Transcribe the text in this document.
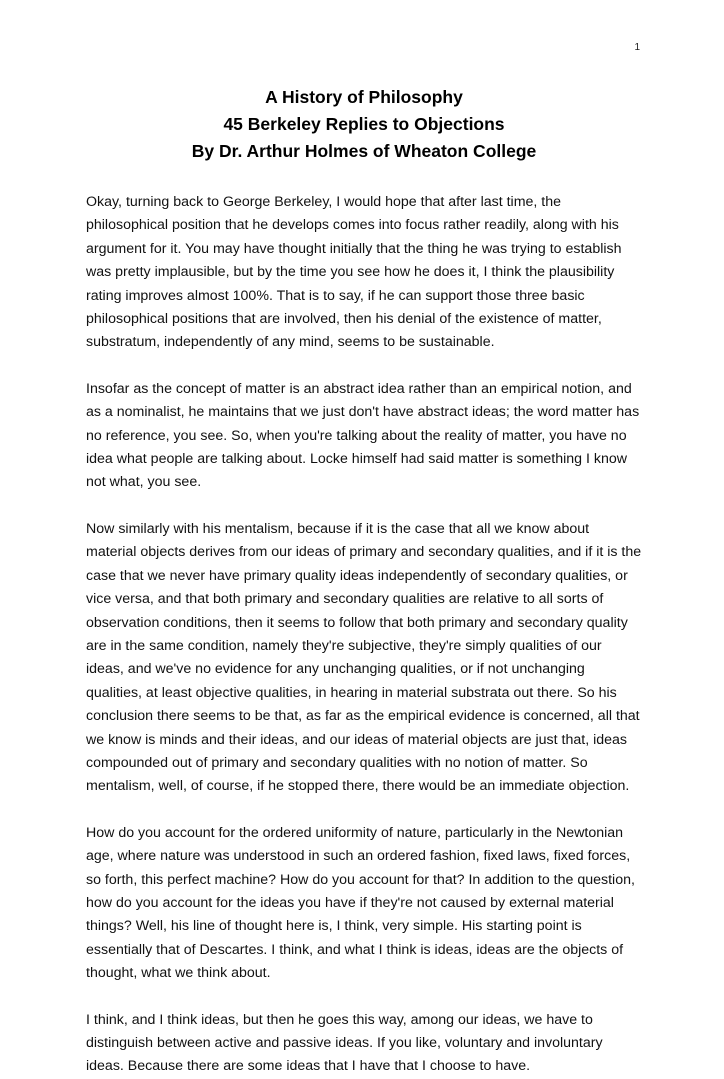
1
A History of Philosophy
45 Berkeley Replies to Objections
By Dr. Arthur Holmes of Wheaton College

Okay, turning back to George Berkeley, I would hope that after last time, the philosophical position that he develops comes into focus rather readily, along with his argument for it. You may have thought initially that the thing he was trying to establish was pretty implausible, but by the time you see how he does it, I think the plausibility rating improves almost 100%. That is to say, if he can support those three basic philosophical positions that are involved, then his denial of the existence of matter, substratum, independently of any mind, seems to be sustainable.

Insofar as the concept of matter is an abstract idea rather than an empirical notion, and as a nominalist, he maintains that we just don't have abstract ideas; the word matter has no reference, you see. So, when you're talking about the reality of matter, you have no idea what people are talking about. Locke himself had said matter is something I know not what, you see.

Now similarly with his mentalism, because if it is the case that all we know about material objects derives from our ideas of primary and secondary qualities, and if it is the case that we never have primary quality ideas independently of secondary qualities, or vice versa, and that both primary and secondary qualities are relative to all sorts of observation conditions, then it seems to follow that both primary and secondary quality are in the same condition, namely they're subjective, they're simply qualities of our ideas, and we've no evidence for any unchanging qualities, or if not unchanging qualities, at least objective qualities, in hearing in material substrata out there. So his conclusion there seems to be that, as far as the empirical evidence is concerned, all that we know is minds and their ideas, and our ideas of material objects are just that, ideas compounded out of primary and secondary qualities with no notion of matter. So mentalism, well, of course, if he stopped there, there would be an immediate objection.

How do you account for the ordered uniformity of nature, particularly in the Newtonian age, where nature was understood in such an ordered fashion, fixed laws, fixed forces, so forth, this perfect machine? How do you account for that? In addition to the question, how do you account for the ideas you have if they're not caused by external material things? Well, his line of thought here is, I think, very simple. His starting point is essentially that of Descartes. I think, and what I think is ideas, ideas are the objects of thought, what we think about.

I think, and I think ideas, but then he goes this way, among our ideas, we have to distinguish between active and passive ideas. If you like, voluntary and involuntary ideas. Because there are some ideas that I have that I choose to have.
